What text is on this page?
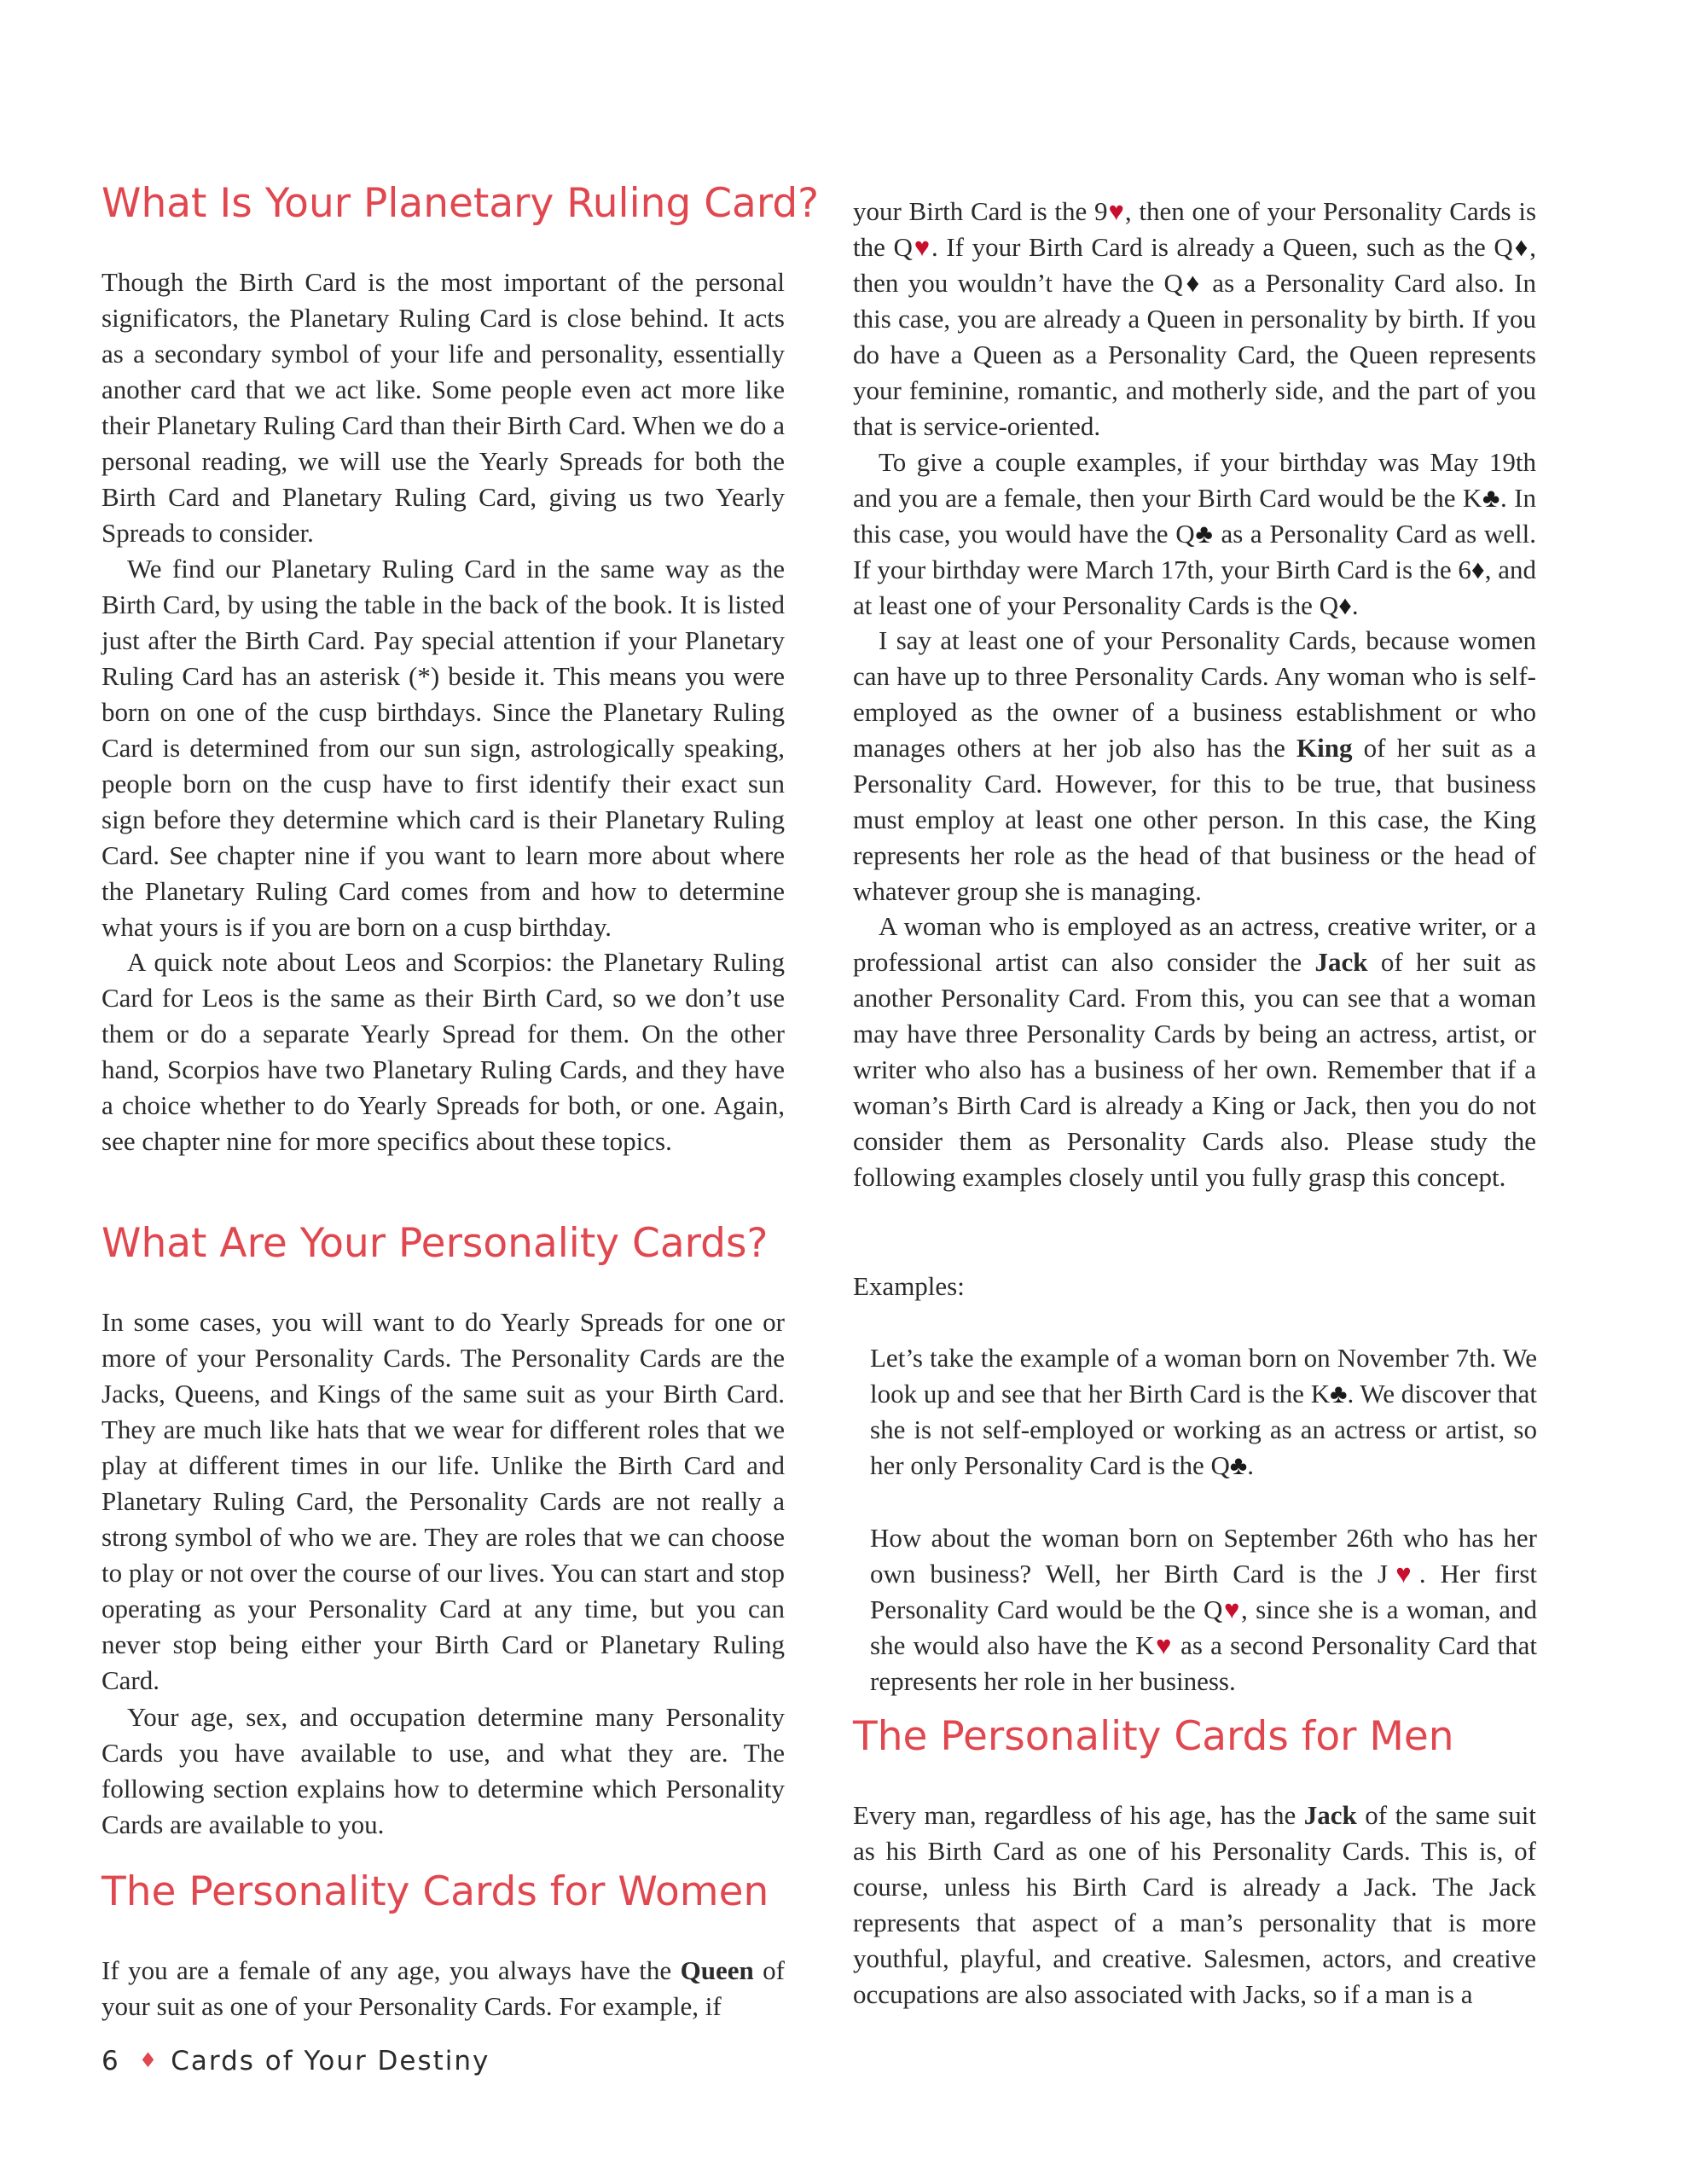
What Is Your Planetary Ruling Card?

Though the Birth Card is the most important of the personal significators, the Planetary Ruling Card is close behind. It acts as a secondary symbol of your life and personality, essentially another card that we act like. Some people even act more like their Planetary Ruling Card than their Birth Card. When we do a personal reading, we will use the Yearly Spreads for both the Birth Card and Planetary Ruling Card, giving us two Yearly Spreads to consider.

We find our Planetary Ruling Card in the same way as the Birth Card, by using the table in the back of the book. It is listed just after the Birth Card. Pay special attention if your Planetary Ruling Card has an asterisk (*) beside it. This means you were born on one of the cusp birthdays. Since the Planetary Ruling Card is determined from our sun sign, astrologically speaking, people born on the cusp have to first identify their exact sun sign before they determine which card is their Planetary Ruling Card. See chapter nine if you want to learn more about where the Planetary Ruling Card comes from and how to determine what yours is if you are born on a cusp birthday.

A quick note about Leos and Scorpios: the Planetary Ruling Card for Leos is the same as their Birth Card, so we don’t use them or do a separate Yearly Spread for them. On the other hand, Scorpios have two Planetary Ruling Cards, and they have a choice whether to do Yearly Spreads for both, or one. Again, see chapter nine for more specifics about these topics.

What Are Your Personality Cards?

In some cases, you will want to do Yearly Spreads for one or more of your Personality Cards. The Personality Cards are the Jacks, Queens, and Kings of the same suit as your Birth Card. They are much like hats that we wear for different roles that we play at different times in our life. Unlike the Birth Card and Planetary Ruling Card, the Personality Cards are not really a strong symbol of who we are. They are roles that we can choose to play or not over the course of our lives. You can start and stop operating as your Personality Card at any time, but you can never stop being either your Birth Card or Planetary Ruling Card.

Your age, sex, and occupation determine many Personality Cards you have available to use, and what they are. The following section explains how to determine which Personality Cards are available to you.

The Personality Cards for Women

If you are a female of any age, you always have the Queen of your suit as one of your Personality Cards. For example, if

your Birth Card is the 9♥, then one of your Personality Cards is the Q♥. If your Birth Card is already a Queen, such as the Q♦, then you wouldn’t have the Q♦ as a Personality Card also. In this case, you are already a Queen in personality by birth. If you do have a Queen as a Personality Card, the Queen represents your feminine, romantic, and motherly side, and the part of you that is service-oriented.

To give a couple examples, if your birthday was May 19th and you are a female, then your Birth Card would be the K♣. In this case, you would have the Q♣ as a Personality Card as well. If your birthday were March 17th, your Birth Card is the 6♦, and at least one of your Personality Cards is the Q♦.

I say at least one of your Personality Cards, because women can have up to three Personality Cards. Any woman who is self-employed as the owner of a business establishment or who manages others at her job also has the King of her suit as a Personality Card. However, for this to be true, that business must employ at least one other person. In this case, the King represents her role as the head of that business or the head of whatever group she is managing.

A woman who is employed as an actress, creative writer, or a professional artist can also consider the Jack of her suit as another Personality Card. From this, you can see that a woman may have three Personality Cards by being an actress, artist, or writer who also has a business of her own. Remember that if a woman’s Birth Card is already a King or Jack, then you do not consider them as Personality Cards also. Please study the following examples closely until you fully grasp this concept.

Examples:

Let’s take the example of a woman born on November 7th. We look up and see that her Birth Card is the K♣. We discover that she is not self-employed or working as an actress or artist, so her only Personality Card is the Q♣.

How about the woman born on September 26th who has her own business? Well, her Birth Card is the J♥. Her first Personality Card would be the Q♥, since she is a woman, and she would also have the K♥ as a second Personality Card that represents her role in her business.

The Personality Cards for Men

Every man, regardless of his age, has the Jack of the same suit as his Birth Card as one of his Personality Cards. This is, of course, unless his Birth Card is already a Jack. The Jack represents that aspect of a man’s personality that is more youthful, playful, and creative. Salesmen, actors, and creative occupations are also associated with Jacks, so if a man is a

6 ♦ Cards of Your Destiny
